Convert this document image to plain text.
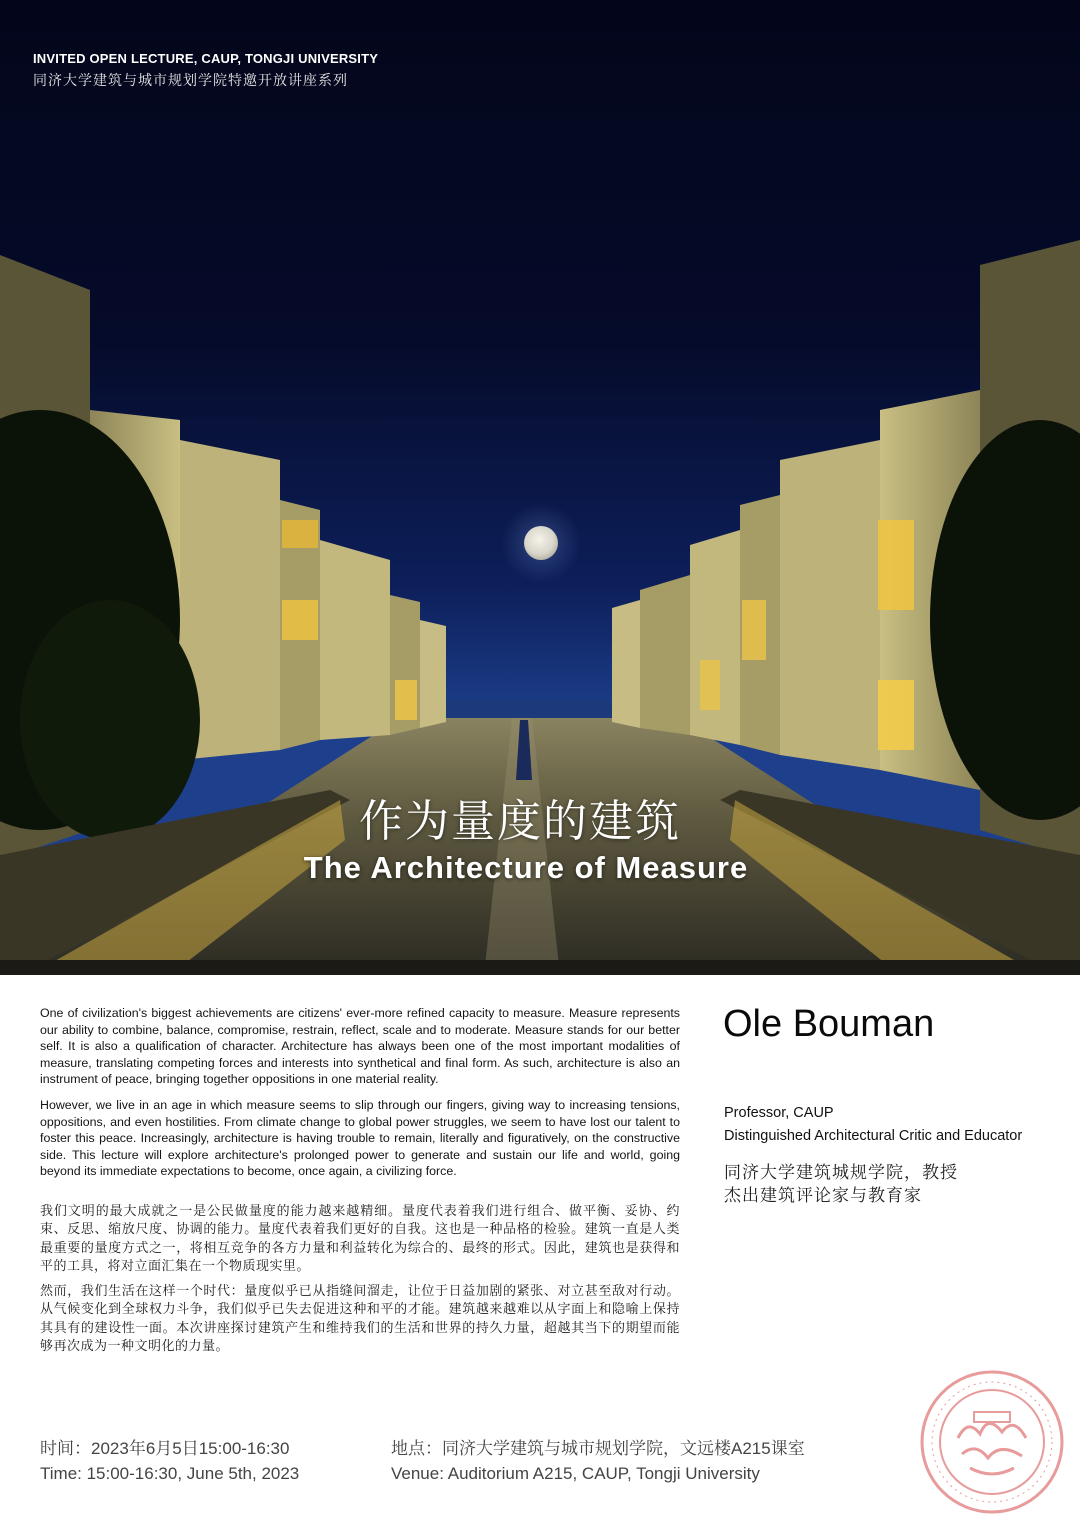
INVITED OPEN LECTURE, CAUP, TONGJI UNIVERSITY
同济大学建筑与城市规划学院特邀开放讲座系列
作为量度的建筑
The Architecture of Measure

One of civilization's biggest achievements are citizens' ever-more refined capacity to measure. Measure represents our ability to combine, balance, compromise, restrain, reflect, scale and to moderate. Measure stands for our better self. It is also a qualification of character. Architecture has always been one of the most important modalities of measure, translating competing forces and interests into synthetical and final form. As such, architecture is also an instrument of peace, bringing together oppositions in one material reality.

However, we live in an age in which measure seems to slip through our fingers, giving way to increasing tensions, oppositions, and even hostilities. From climate change to global power struggles, we seem to have lost our talent to foster this peace. Increasingly, architecture is having trouble to remain, literally and figuratively, on the constructive side. This lecture will explore architecture's prolonged power to generate and sustain our life and world, going beyond its immediate expectations to become, once again, a civilizing force.

我们文明的最大成就之一是公民做量度的能力越来越精细。量度代表着我们进行组合、做平衡、妥协、约束、反思、缩放尺度、协调的能力。量度代表着我们更好的自我。这也是一种品格的检验。建筑一直是人类最重要的量度方式之一，将相互竞争的各方力量和利益转化为综合的、最终的形式。因此，建筑也是获得和平的工具，将对立面汇集在一个物质现实里。

然而，我们生活在这样一个时代：量度似乎已从指缝间溜走，让位于日益加剧的紧张、对立甚至敌对行动。从气候变化到全球权力斗争，我们似乎已失去促进这种和平的才能。建筑越来越难以从字面上和隐喻上保持其具有的建设性一面。本次讲座探讨建筑产生和维持我们的生活和世界的持久力量，超越其当下的期望而能够再次成为一种文明化的力量。

Ole Bouman
Professor, CAUP
Distinguished Architectural Critic and Educator
同济大学建筑城规学院，教授
杰出建筑评论家与教育家
时间：2023年6月5日15:00-16:30
Time: 15:00-16:30, June 5th, 2023
地点：同济大学建筑与城市规划学院，文远楼A215课室
Venue: Auditorium A215, CAUP, Tongji University
